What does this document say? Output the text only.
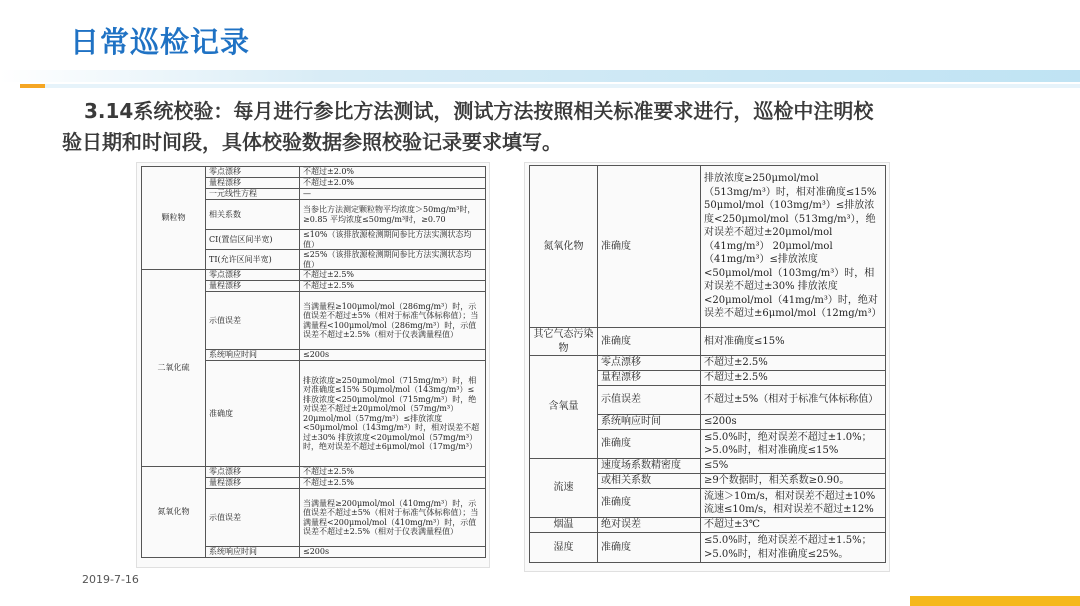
日常巡检记录
3.14系统校验：每月进行参比方法测试，测试方法按照相关标准要求进行，巡检中注明校
验日期和时间段，具体校验数据参照校验记录要求填写。
颗粒物	零点漂移	不超过±2.0%
	量程漂移	不超过±2.0%
	一元线性方程	—
	相关系数	当参比方法测定颗粒物平均浓度＞50mg/m³时，≥0.85 平均浓度≤50mg/m³时，≥0.70
	CI(置信区间半宽)	≤10%（该排放源检测期间参比方法实测状态均值）
	TI(允许区间半宽)	≤25%（该排放源检测期间参比方法实测状态均值）
二氧化硫	零点漂移	不超过±2.5%
	量程漂移	不超过±2.5%
	示值误差	当满量程≥100μmol/mol（286mg/m³）时，示值误差不超过±5%（相对于标准气体标称值）；当满量程<100μmol/mol（286mg/m³）时，示值误差不超过±2.5%（相对于仪表满量程值）
	系统响应时间	≤200s
	准确度	排放浓度≥250μmol/mol（715mg/m³）时，相对准确度≤15% 50μmol/mol（143mg/m³）≤排放浓度<250μmol/mol（715mg/m³）时，绝对误差不超过±20μmol/mol（57mg/m³） 20μmol/mol（57mg/m³）≤排放浓度<50μmol/mol（143mg/m³）时，相对误差不超过±30% 排放浓度<20μmol/mol（57mg/m³）时，绝对误差不超过±6μmol/mol（17mg/m³）
氮氧化物	零点漂移	不超过±2.5%
	量程漂移	不超过±2.5%
	示值误差	当满量程≥200μmol/mol（410mg/m³）时，示值误差不超过±5%（相对于标准气体标称值）；当满量程<200μmol/mol（410mg/m³）时，示值误差不超过±2.5%（相对于仪表满量程值）
	系统响应时间	≤200s
氮氧化物	准确度	排放浓度≥250μmol/mol（513mg/m³）时，相对准确度≤15% 50μmol/mol（103mg/m³）≤排放浓度<250μmol/mol（513mg/m³），绝对误差不超过±20μmol/mol（41mg/m³） 20μmol/mol（41mg/m³）≤排放浓度<50μmol/mol（103mg/m³）时，相对误差不超过±30% 排放浓度<20μmol/mol（41mg/m³）时，绝对误差不超过±6μmol/mol（12mg/m³）
其它气态污染物	准确度	相对准确度≤15%
含氧量	零点漂移	不超过±2.5%
	量程漂移	不超过±2.5%
	示值误差	不超过±5%（相对于标准气体标称值）
	系统响应时间	≤200s
	准确度	≤5.0%时，绝对误差不超过±1.0%；>5.0%时，相对准确度≤15%
流速	速度场系数精密度	≤5%
	或相关系数	≥9个数据时，相关系数≥0.90。
	准确度	流速＞10m/s，相对误差不超过±10% 流速≤10m/s，相对误差不超过±12%
烟温	绝对误差	不超过±3℃
湿度	准确度	≤5.0%时，绝对误差不超过±1.5%；>5.0%时，相对准确度≤25%。
2019-7-16
